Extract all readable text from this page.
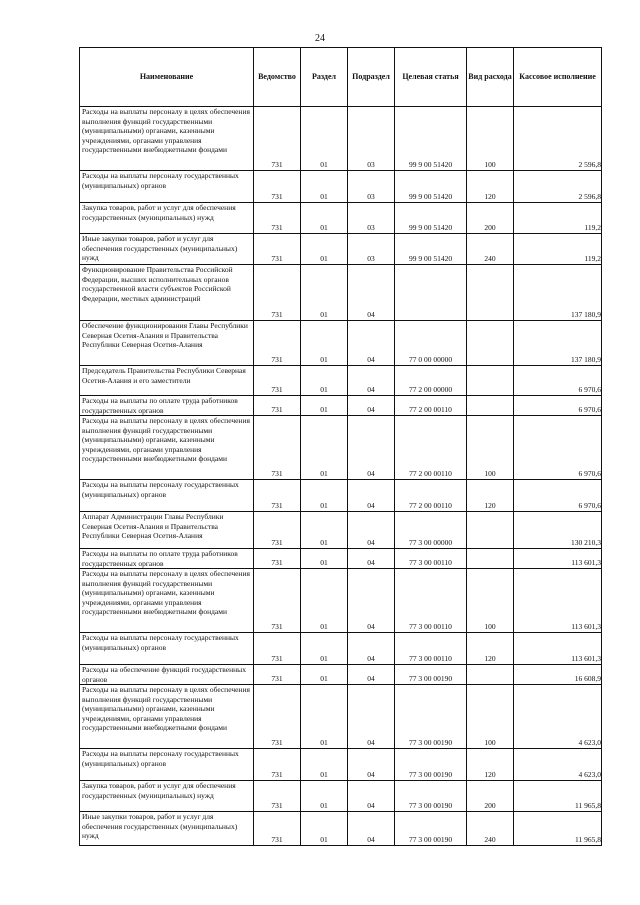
24
Наименование	Ведомство	Раздел	Подраздел	Целевая статья	Вид расхода	Кассовое исполнение

Расходы на выплаты персоналу в целях обеспечения выполнения функций государственными (муниципальными) органами, казенными учреждениями, органами управления государственными внебюджетными фондами	731	01	03	99 9 00 51420	100	2 596,8

Расходы на выплаты персоналу государственных (муниципальных) органов	731	01	03	99 9 00 51420	120	2 596,8

Закупка товаров, работ и услуг для обеспечения государственных (муниципальных) нужд	731	01	03	99 9 00 51420	200	119,2

Иные закупки товаров, работ и услуг для обеспечения государственных (муниципальных) нужд	731	01	03	99 9 00 51420	240	119,2

Функционирование Правительства Российской Федерации, высших исполнительных органов государственной власти субъектов Российской Федерации, местных администраций	731	01	04			137 180,9

Обеспечение функционирования Главы Республики Северная Осетия-Алания и Правительства Республики Северная Осетия-Алания	731	01	04	77 0 00 00000		137 180,9

Председатель Правительства Республики Северная Осетия-Алания и его заместители	731	01	04	77 2 00 00000		6 970,6

Расходы на выплаты по оплате труда работников государственных органов	731	01	04	77 2 00 00110		6 970,6

Расходы на выплаты персоналу в целях обеспечения выполнения функций государственными (муниципальными) органами, казенными учреждениями, органами управления государственными внебюджетными фондами	731	01	04	77 2 00 00110	100	6 970,6

Расходы на выплаты персоналу государственных (муниципальных) органов	731	01	04	77 2 00 00110	120	6 970,6

Аппарат Администрации Главы Республики Северная Осетия-Алания и Правительства Республики Северная Осетия-Алания	731	01	04	77 3 00 00000		130 210,3

Расходы на выплаты по оплате труда работников государственных органов	731	01	04	77 3 00 00110		113 601,3

Расходы на выплаты персоналу в целях обеспечения выполнения функций государственными (муниципальными) органами, казенными учреждениями, органами управления государственными внебюджетными фондами	731	01	04	77 3 00 00110	100	113 601,3

Расходы на выплаты персоналу государственных (муниципальных) органов	731	01	04	77 3 00 00110	120	113 601,3

Расходы на обеспечение функций государственных органов	731	01	04	77 3 00 00190		16 608,9

Расходы на выплаты персоналу в целях обеспечения выполнения функций государственными (муниципальными) органами, казенными учреждениями, органами управления государственными внебюджетными фондами	731	01	04	77 3 00 00190	100	4 623,0

Расходы на выплаты персоналу государственных (муниципальных) органов	731	01	04	77 3 00 00190	120	4 623,0

Закупка товаров, работ и услуг для обеспечения государственных (муниципальных) нужд	731	01	04	77 3 00 00190	200	11 965,8

Иные закупки товаров, работ и услуг для обеспечения государственных (муниципальных) нужд	731	01	04	77 3 00 00190	240	11 965,8
